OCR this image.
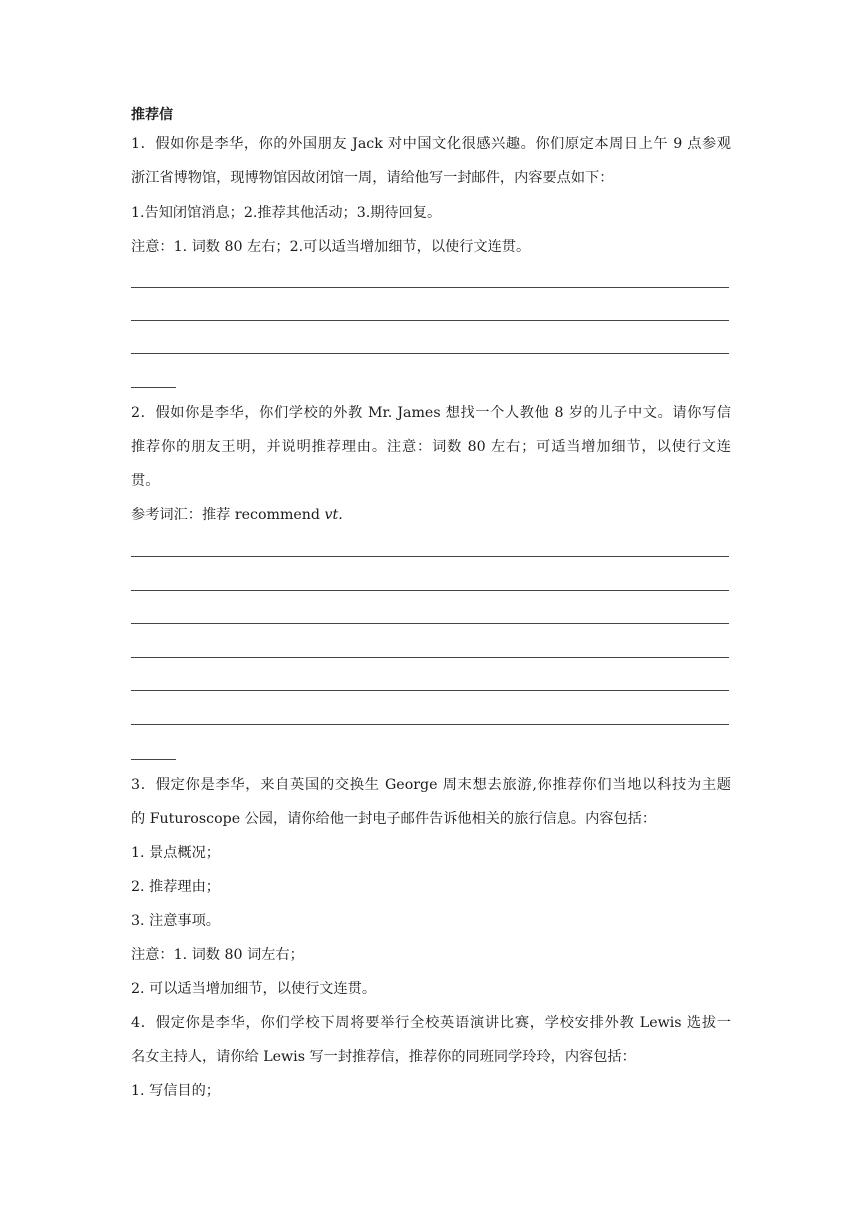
推荐信
1．假如你是李华，你的外国朋友 Jack 对中国文化很感兴趣。你们原定本周日上午 9 点参观
浙江省博物馆，现博物馆因故闭馆一周，请给他写一封邮件，内容要点如下：
1.告知闭馆消息；2.推荐其他活动；3.期待回复。
注意：1. 词数 80 左右；2.可以适当增加细节，以使行文连贯。
2．假如你是李华，你们学校的外教 Mr. James 想找一个人教他 8 岁的儿子中文。请你写信
推荐你的朋友王明，并说明推荐理由。注意：词数 80 左右；可适当增加细节，以使行文连
贯。
参考词汇：推荐 recommend vt.
3．假定你是李华，来自英国的交换生 George 周末想去旅游,你推荐你们当地以科技为主题
的 Futuroscope 公园，请你给他一封电子邮件告诉他相关的旅行信息。内容包括：
1. 景点概况；
2. 推荐理由；
3. 注意事项。
注意：1. 词数 80 词左右；
2. 可以适当增加细节，以使行文连贯。
4．假定你是李华，你们学校下周将要举行全校英语演讲比赛，学校安排外教 Lewis 选拔一
名女主持人，请你给 Lewis 写一封推荐信，推荐你的同班同学玲玲，内容包括：
1. 写信目的；
